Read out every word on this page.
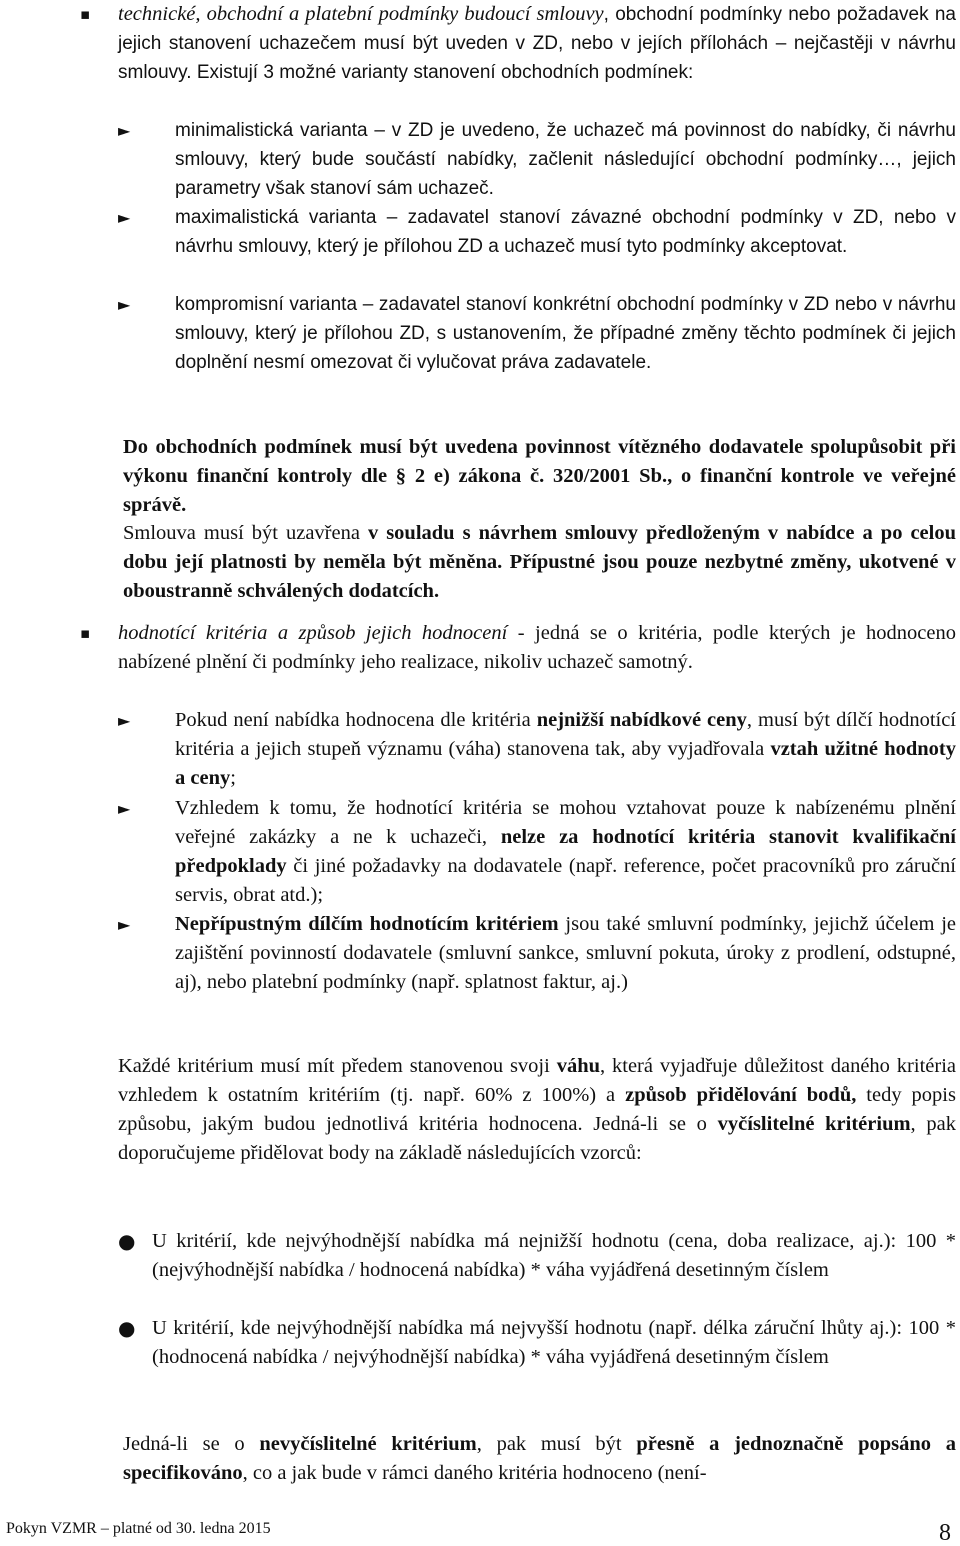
▪ technické, obchodní a platební podmínky budoucí smlouvy, obchodní podmínky nebo požadavek na jejich stanovení uchazečem musí být uveden v ZD, nebo v jejích přílohách – nejčastěji v návrhu smlouvy. Existují 3 možné varianty stanovení obchodních podmínek:
► minimalistická varianta – v ZD je uvedeno, že uchazeč má povinnost do nabídky, či návrhu smlouvy, který bude součástí nabídky, začlenit následující obchodní podmínky…, jejich parametry však stanoví sám uchazeč.
► maximalistická varianta – zadavatel stanoví závazné obchodní podmínky v ZD, nebo v návrhu smlouvy, který je přílohou ZD a uchazeč musí tyto podmínky akceptovat.
► kompromisní varianta – zadavatel stanoví konkrétní obchodní podmínky v ZD nebo v návrhu smlouvy, který je přílohou ZD, s ustanovením, že případné změny těchto podmínek či jejich doplnění nesmí omezovat či vylučovat práva zadavatele.
Do obchodních podmínek musí být uvedena povinnost vítězného dodavatele spolupůsobit při výkonu finanční kontroly dle § 2 e) zákona č. 320/2001 Sb., o finanční kontrole ve veřejné správě.
Smlouva musí být uzavřena v souladu s návrhem smlouvy předloženým v nabídce a po celou dobu její platnosti by neměla být měněna. Přípustné jsou pouze nezbytné změny, ukotvené v oboustranně schválených dodatcích.
▪ hodnotící kritéria a způsob jejich hodnocení - jedná se o kritéria, podle kterých je hodnoceno nabízené plnění či podmínky jeho realizace, nikoliv uchazeč samotný.
► Pokud není nabídka hodnocena dle kritéria nejnižší nabídkové ceny, musí být dílčí hodnotící kritéria a jejich stupeň významu (váha) stanovena tak, aby vyjadřovala vztah užitné hodnoty a ceny;
► Vzhledem k tomu, že hodnotící kritéria se mohou vztahovat pouze k nabízenému plnění veřejné zakázky a ne k uchazeči, nelze za hodnotící kritéria stanovit kvalifikační předpoklady či jiné požadavky na dodavatele (např. reference, počet pracovníků pro záruční servis, obrat atd.);
► Nepřípustným dílčím hodnotícím kritériem jsou také smluvní podmínky, jejichž účelem je zajištění povinností dodavatele (smluvní sankce, smluvní pokuta, úroky z prodlení, odstupné, aj), nebo platební podmínky (např. splatnost faktur, aj.)
Každé kritérium musí mít předem stanovenou svoji váhu, která vyjadřuje důležitost daného kritéria vzhledem k ostatním kritériím (tj. např. 60% z 100%) a způsob přidělování bodů, tedy popis způsobu, jakým budou jednotlivá kritéria hodnocena. Jedná-li se o vyčíslitelné kritérium, pak doporučujeme přidělovat body na základě následujících vzorců:
● U kritérií, kde nejvýhodnější nabídka má nejnižší hodnotu (cena, doba realizace, aj.): 100 * (nejvýhodnější nabídka / hodnocená nabídka) * váha vyjádřená desetinným číslem
● U kritérií, kde nejvýhodnější nabídka má nejvyšší hodnotu (např. délka záruční lhůty aj.): 100 * (hodnocená nabídka / nejvýhodnější nabídka) * váha vyjádřená desetinným číslem
Jedná-li se o nevyčíslitelné kritérium, pak musí být přesně a jednoznačně popsáno a specifikováno, co a jak bude v rámci daného kritéria hodnoceno (není-
Pokyn VZMR – platné od 30. ledna 2015	8
